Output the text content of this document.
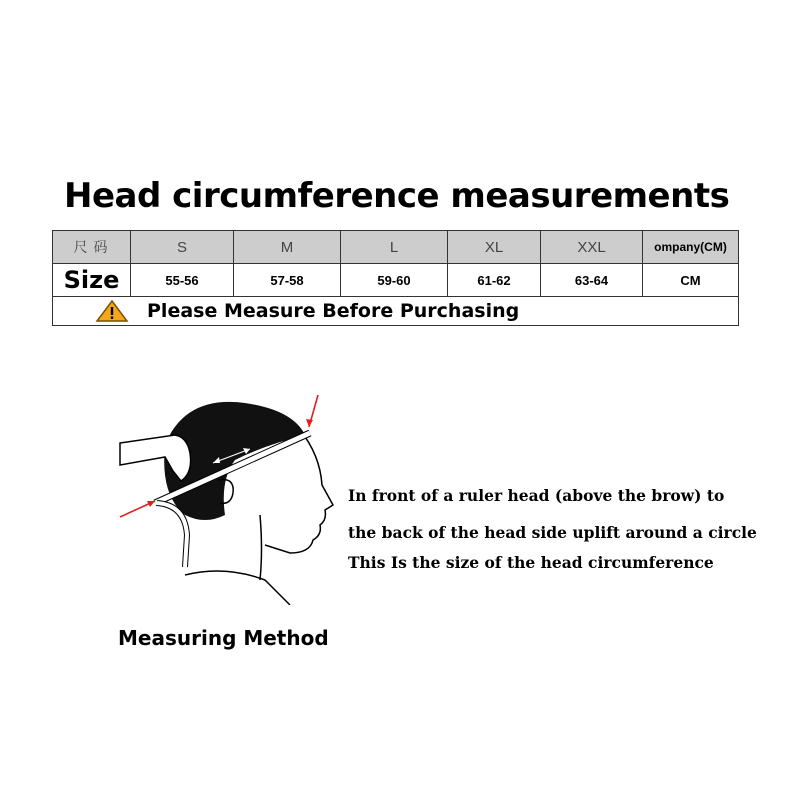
Head circumference measurements
尺码	S	M	L	XL	XXL	ompany(CM)
Size	55-56	57-58	59-60	61-62	63-64	CM

Please Measure Before Purchasing						
In front of a ruler head (above the brow) to
the back of the head side uplift around a circle
This Is the size of the head circumference
Measuring Method
